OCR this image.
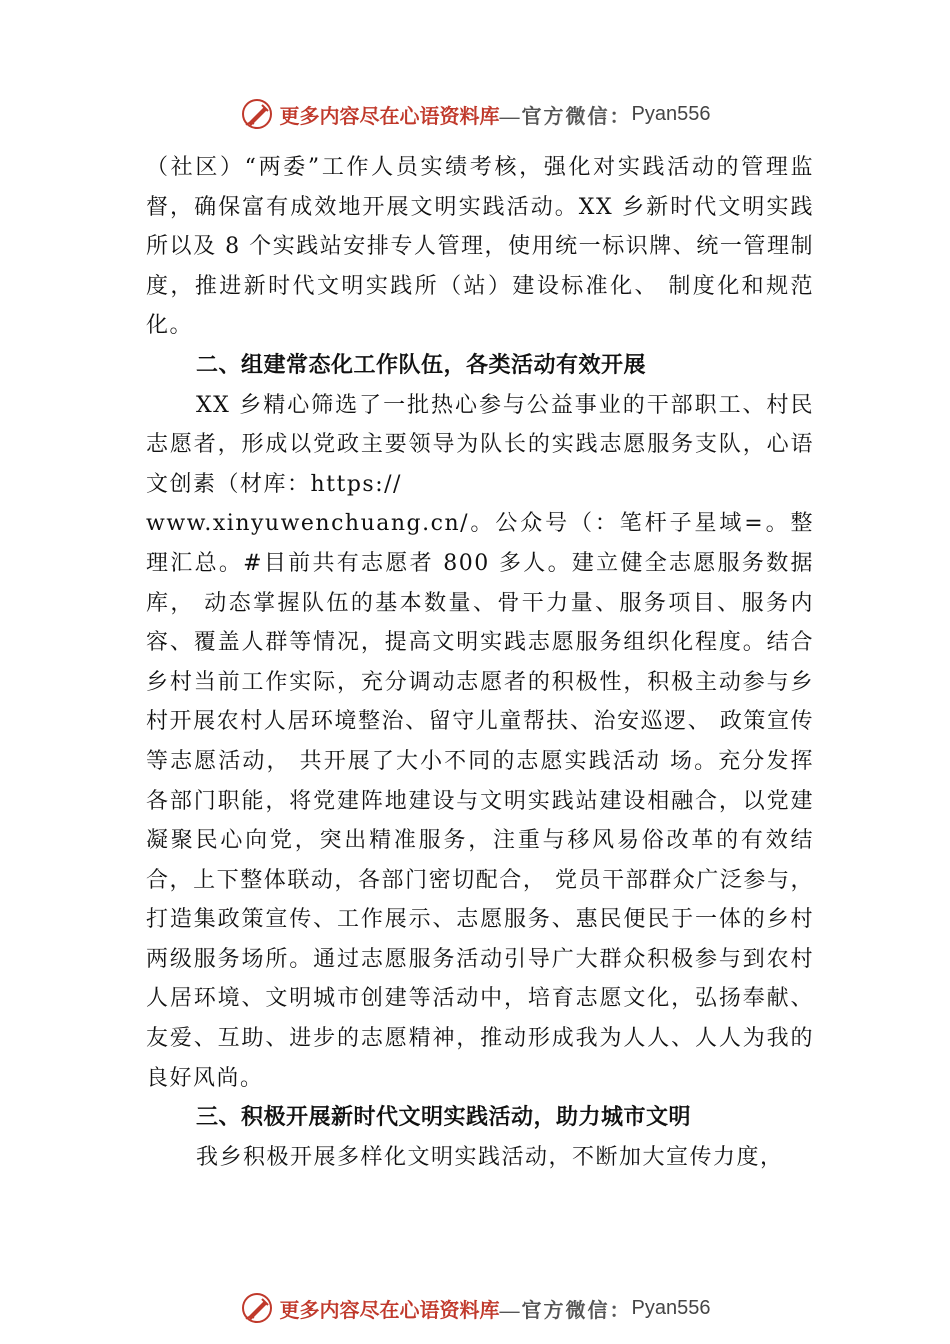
更多内容尽在心语资料库 —官方微信： Pyan556

（社区）“两委”工作人员实绩考核，强化对实践活动的管理监督，确保富有成效地开展文明实践活动。XX 乡新时代文明实践所以及 8 个实践站安排专人管理，使用统一标识牌、统一管理制度，推进新时代文明实践所（站）建设标准化、 制度化和规范化。

二、组建常态化工作队伍，各类活动有效开展

XX 乡精心筛选了一批热心参与公益事业的干部职工、村民志愿者，形成以党政主要领导为队长的实践志愿服务支队，心语文创素（材库：https://

www.xinyuwenchuang.cn/。公众号（：笔杆子星域=。整理汇总。#目前共有志愿者 800 多人。建立健全志愿服务数据库， 动态掌握队伍的基本数量、骨干力量、服务项目、服务内容、覆盖人群等情况，提高文明实践志愿服务组织化程度。结合乡村当前工作实际，充分调动志愿者的积极性，积极主动参与乡村开展农村人居环境整治、留守儿童帮扶、治安巡逻、 政策宣传等志愿活动， 共开展了大小不同的志愿实践活动 场。充分发挥各部门职能，将党建阵地建设与文明实践站建设相融合，以党建凝聚民心向党，突出精准服务，注重与移风易俗改革的有效结合，上下整体联动，各部门密切配合， 党员干部群众广泛参与，打造集政策宣传、工作展示、志愿服务、惠民便民于一体的乡村两级服务场所。通过志愿服务活动引导广大群众积极参与到农村人居环境、文明城市创建等活动中，培育志愿文化，弘扬奉献、友爱、互助、进步的志愿精神，推动形成我为人人、人人为我的良好风尚。

三、积极开展新时代文明实践活动，助力城市文明

我乡积极开展多样化文明实践活动，不断加大宣传力度，

更多内容尽在心语资料库 —官方微信： Pyan556
